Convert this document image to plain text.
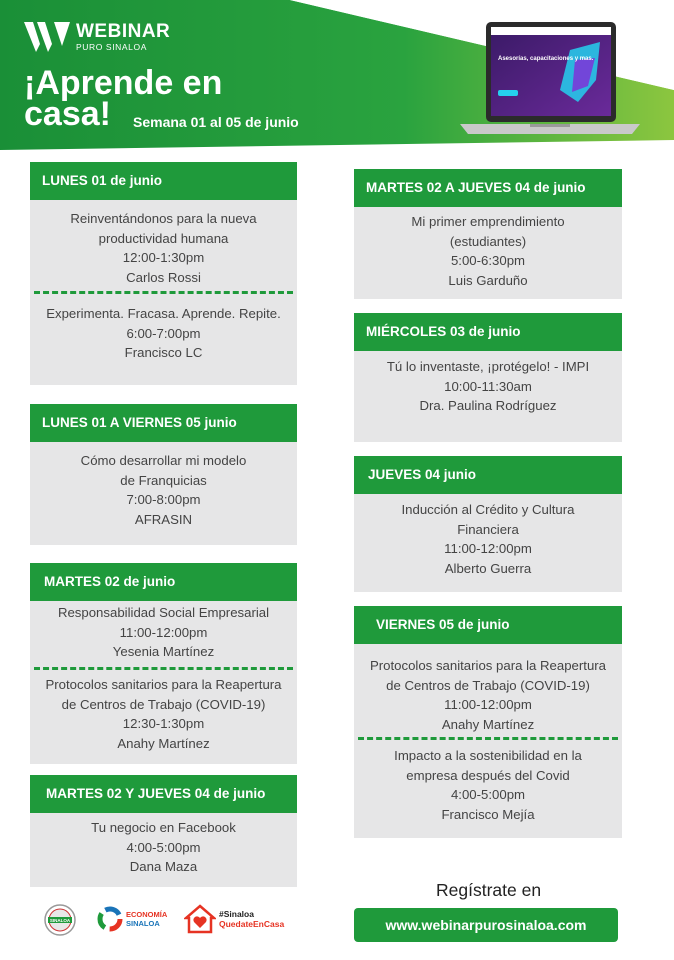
WEBINAR
PURO SINALOA
¡Aprende en
casa!	Semana 01 al 05 de junio
Asesorías, capacitaciones y mas.
LUNES 01 de junio
Reinventándonos para la nueva
productividad humana
12:00-1:30pm
Carlos Rossi
Experimenta. Fracasa. Aprende. Repite.
6:00-7:00pm
Francisco LC
LUNES 01 A VIERNES 05 junio
Cómo desarrollar mi modelo
de Franquicias
7:00-8:00pm
AFRASIN
MARTES 02 de junio
Responsabilidad Social Empresarial
11:00-12:00pm
Yesenia Martínez
Protocolos sanitarios para la Reapertura
de Centros de Trabajo (COVID-19)
12:30-1:30pm
Anahy Martínez
MARTES 02 Y JUEVES 04 de junio
Tu negocio en Facebook
4:00-5:00pm
Dana Maza
MARTES 02 A JUEVES 04 de junio
Mi primer emprendimiento
(estudiantes)
5:00-6:30pm
Luis Garduño
MIÉRCOLES 03 de junio
Tú lo inventaste, ¡protégelo! - IMPI
10:00-11:30am
Dra. Paulina Rodríguez
JUEVES 04 junio
Inducción al Crédito y Cultura
Financiera
11:00-12:00pm
Alberto Guerra
VIERNES 05 de junio
Protocolos sanitarios para la Reapertura
de Centros de Trabajo (COVID-19)
11:00-12:00pm
Anahy Martínez
Impacto a la sostenibilidad en la
empresa después del Covid
4:00-5:00pm
Francisco Mejía
Regístrate en
www.webinarpurosinaloa.com
SINALOA
ECONOMÍA
SINALOA
#Sinaloa
QuedateEnCasa
